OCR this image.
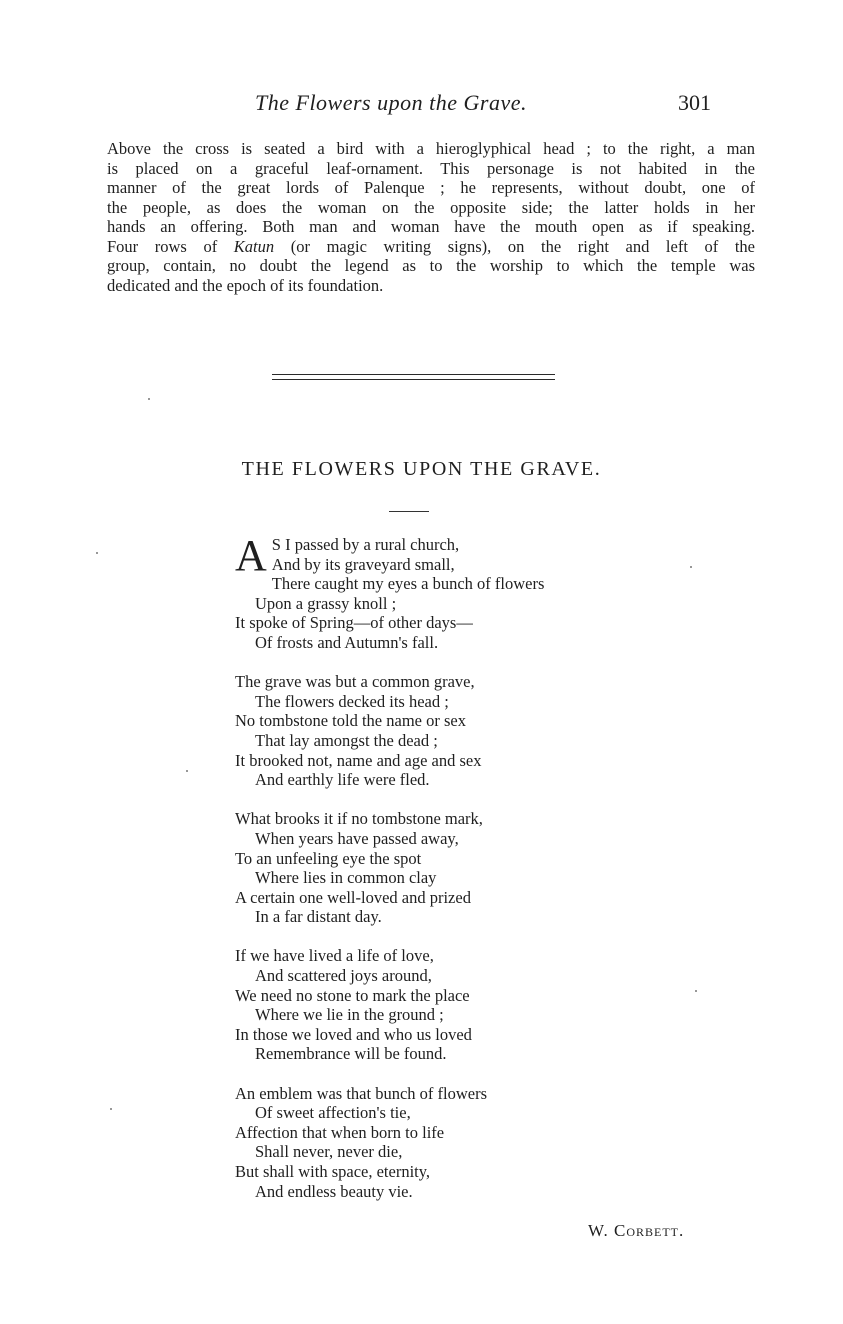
The Flowers upon the Grave.	301
Above the cross is seated a bird with a hieroglyphical head ; to the right, a man
is placed on a graceful leaf-ornament. This personage is not habited in the
manner of the great lords of Palenque ; he represents, without doubt, one of
the people, as does the woman on the opposite side; the latter holds in her
hands an offering. Both man and woman have the mouth open as if speaking.
Four rows of Katun (or magic writing signs), on the right and left of the
group, contain, no doubt the legend as to the worship to which the temple was
dedicated and the epoch of its foundation.
THE FLOWERS UPON THE GRAVE.
A S I passed by a rural church,
And by its graveyard small,
There caught my eyes a bunch of flowers
Upon a grassy knoll ;
It spoke of Spring—of other days—
Of frosts and Autumn's fall.
The grave was but a common grave,
The flowers decked its head ;
No tombstone told the name or sex
That lay amongst the dead ;
It brooked not, name and age and sex
And earthly life were fled.
What brooks it if no tombstone mark,
When years have passed away,
To an unfeeling eye the spot
Where lies in common clay
A certain one well-loved and prized
In a far distant day.
If we have lived a life of love,
And scattered joys around,
We need no stone to mark the place
Where we lie in the ground ;
In those we loved and who us loved
Remembrance will be found.
An emblem was that bunch of flowers
Of sweet affection's tie,
Affection that when born to life
Shall never, never die,
But shall with space, eternity,
And endless beauty vie.
W. Corbett.
